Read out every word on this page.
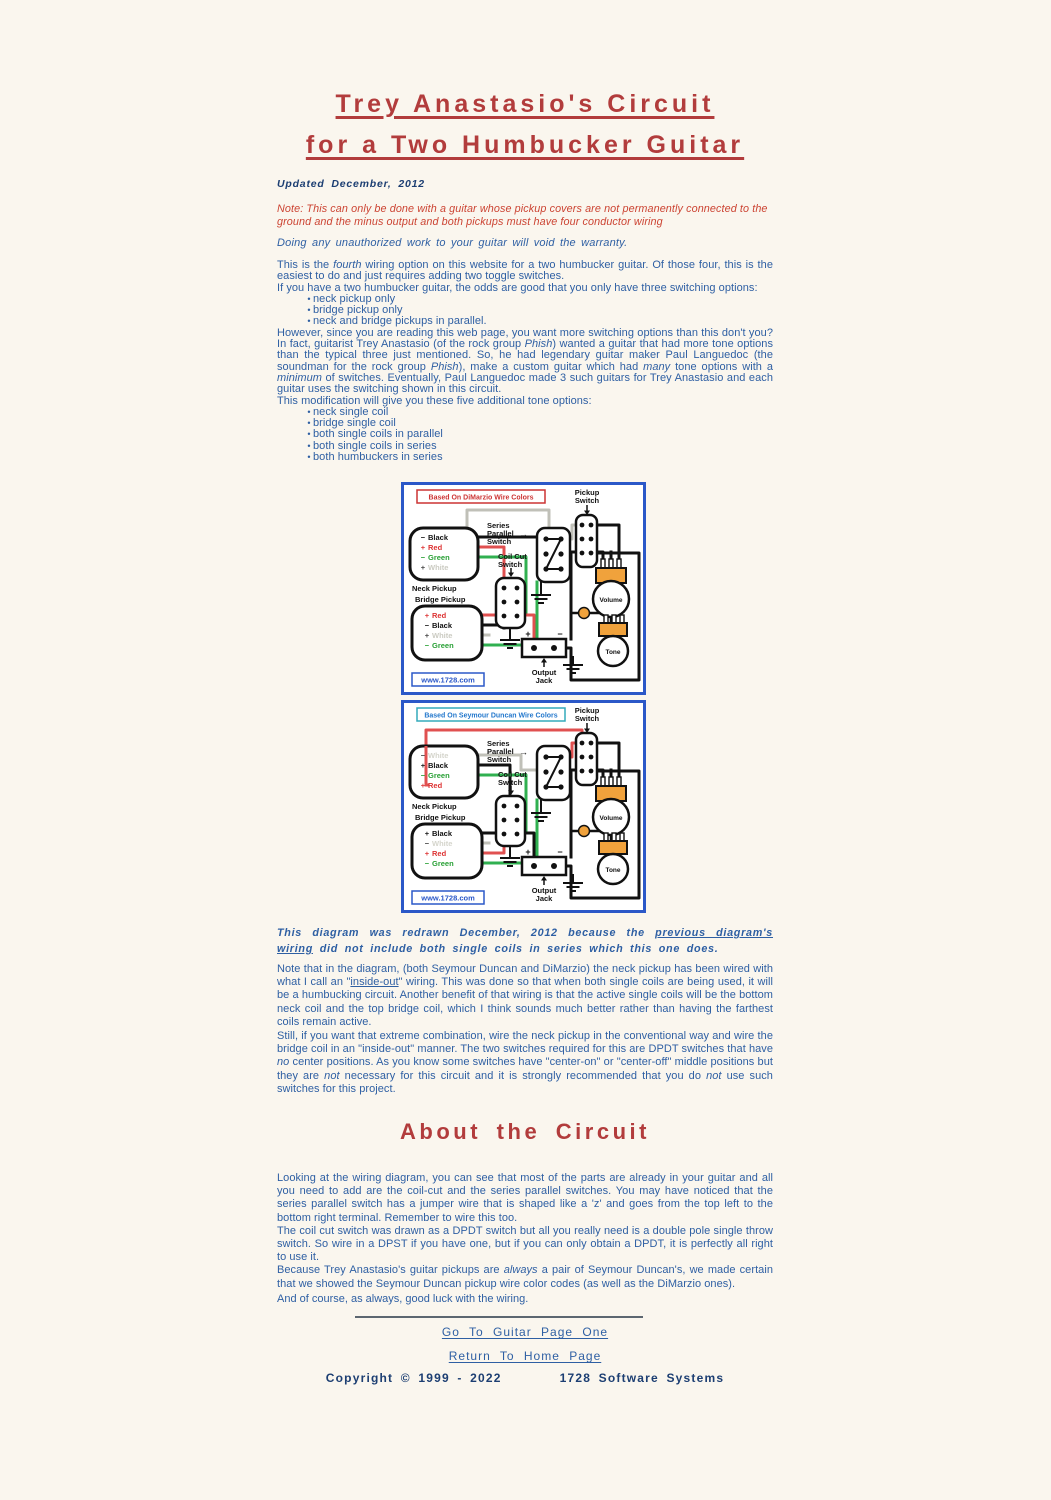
Trey Anastasio's Circuit
for a Two Humbucker Guitar
Updated December, 2012
Note: This can only be done with a guitar whose pickup covers are not permanently connected to the ground and the minus output and both pickups must have four conductor wiring
Doing any unauthorized work to your guitar will void the warranty.

This is the fourth wiring option on this website for a two humbucker guitar. Of those four, this is the easiest to do and just requires adding two toggle switches.

If you have a two humbucker guitar, the odds are good that you only have three switching options:

• neck pickup only
• bridge pickup only
• neck and bridge pickups in parallel.

However, since you are reading this web page, you want more switching options than this don't you? In fact, guitarist Trey Anastasio (of the rock group Phish) wanted a guitar that had more tone options than the typical three just mentioned. So, he had legendary guitar maker Paul Languedoc (the soundman for the rock group Phish), make a custom guitar which had many tone options with a minimum of switches. Eventually, Paul Languedoc made 3 such guitars for Trey Anastasio and each guitar uses the switching shown in this circuit.

This modification will give you these five additional tone options:

• neck single coil
• bridge single coil
• both single coils in parallel
• both single coils in series
• both humbuckers in series
Volume
Tone
+	−
Based On DiMarzio Wire Colors
Pickup
Switch
Series
Parallel →
Switch
Coil Cut
Switch
− Black
+ Red
− Green
+ White
Neck Pickup
Bridge Pickup
+ Red
− Black
+ White
− Green
Output
Jack
www.1728.com
Volume
Tone
+	−
Based On Seymour Duncan Wire Colors
Pickup
Switch
Series
Parallel →
Switch
Coil Cut
Switch
− White
+ Black
− Green
+ Red
Neck Pickup
Bridge Pickup
+ Black
− White
+ Red
− Green
Output
Jack
www.1728.com
This diagram was redrawn December, 2012 because the previous diagram's wiring did not include both single coils in series which this one does.
Note that in the diagram, (both Seymour Duncan and DiMarzio) the neck pickup has been wired with what I call an "inside-out" wiring. This was done so that when both single coils are being used, it will be a humbucking circuit. Another benefit of that wiring is that the active single coils will be the bottom neck coil and the top bridge coil, which I think sounds much better rather than having the farthest coils remain active.
Still, if you want that extreme combination, wire the neck pickup in the conventional way and wire the bridge coil in an "inside-out" manner. The two switches required for this are DPDT switches that have no center positions. As you know some switches have "center-on" or "center-off" middle positions but they are not necessary for this circuit and it is strongly recommended that you do not use such switches for this project.
About the Circuit

Looking at the wiring diagram, you can see that most of the parts are already in your guitar and all you need to add are the coil-cut and the series parallel switches. You may have noticed that the series parallel switch has a jumper wire that is shaped like a 'z' and goes from the top left to the bottom right terminal. Remember to wire this too.

The coil cut switch was drawn as a DPDT switch but all you really need is a double pole single throw switch. So wire in a DPST if you have one, but if you can only obtain a DPDT, it is perfectly all right to use it.

Because Trey Anastasio's guitar pickups are always a pair of Seymour Duncan's, we made certain that we showed the Seymour Duncan pickup wire color codes (as well as the DiMarzio ones).

And of course, as always, good luck with the wiring.
Go To Guitar Page One
Return To Home Page
Copyright © 1999 - 2022	1728 Software Systems
